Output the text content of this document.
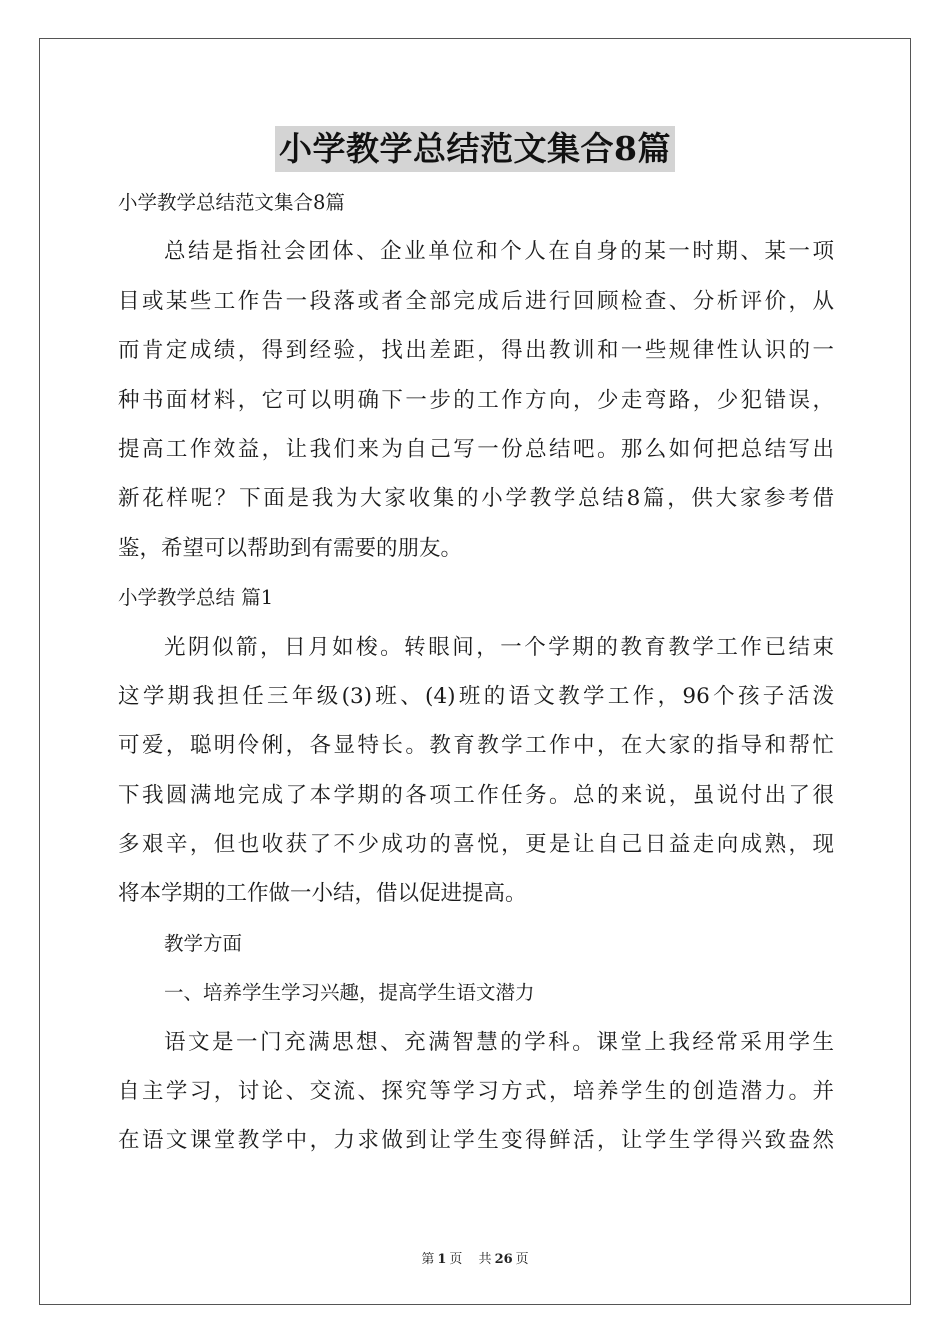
小学教学总结范文集合8篇
小学教学总结范文集合8篇
总结是指社会团体、企业单位和个人在自身的某一时期、某一项
目或某些工作告一段落或者全部完成后进行回顾检查、分析评价，从
而肯定成绩，得到经验，找出差距，得出教训和一些规律性认识的一
种书面材料，它可以明确下一步的工作方向，少走弯路，少犯错误，
提高工作效益，让我们来为自己写一份总结吧。那么如何把总结写出
新花样呢？下面是我为大家收集的小学教学总结8篇，供大家参考借
鉴，希望可以帮助到有需要的朋友。
小学教学总结 篇1
光阴似箭，日月如梭。转眼间，一个学期的教育教学工作已结束
这学期我担任三年级(3)班、(4)班的语文教学工作，96个孩子活泼
可爱，聪明伶俐，各显特长。教育教学工作中，在大家的指导和帮忙
下我圆满地完成了本学期的各项工作任务。总的来说，虽说付出了很
多艰辛，但也收获了不少成功的喜悦，更是让自己日益走向成熟，现
将本学期的工作做一小结，借以促进提高。
教学方面
一、培养学生学习兴趣，提高学生语文潜力
语文是一门充满思想、充满智慧的学科。课堂上我经常采用学生
自主学习，讨论、交流、探究等学习方式，培养学生的创造潜力。并
在语文课堂教学中，力求做到让学生变得鲜活，让学生学得兴致盎然
第 1 页 共 26 页
